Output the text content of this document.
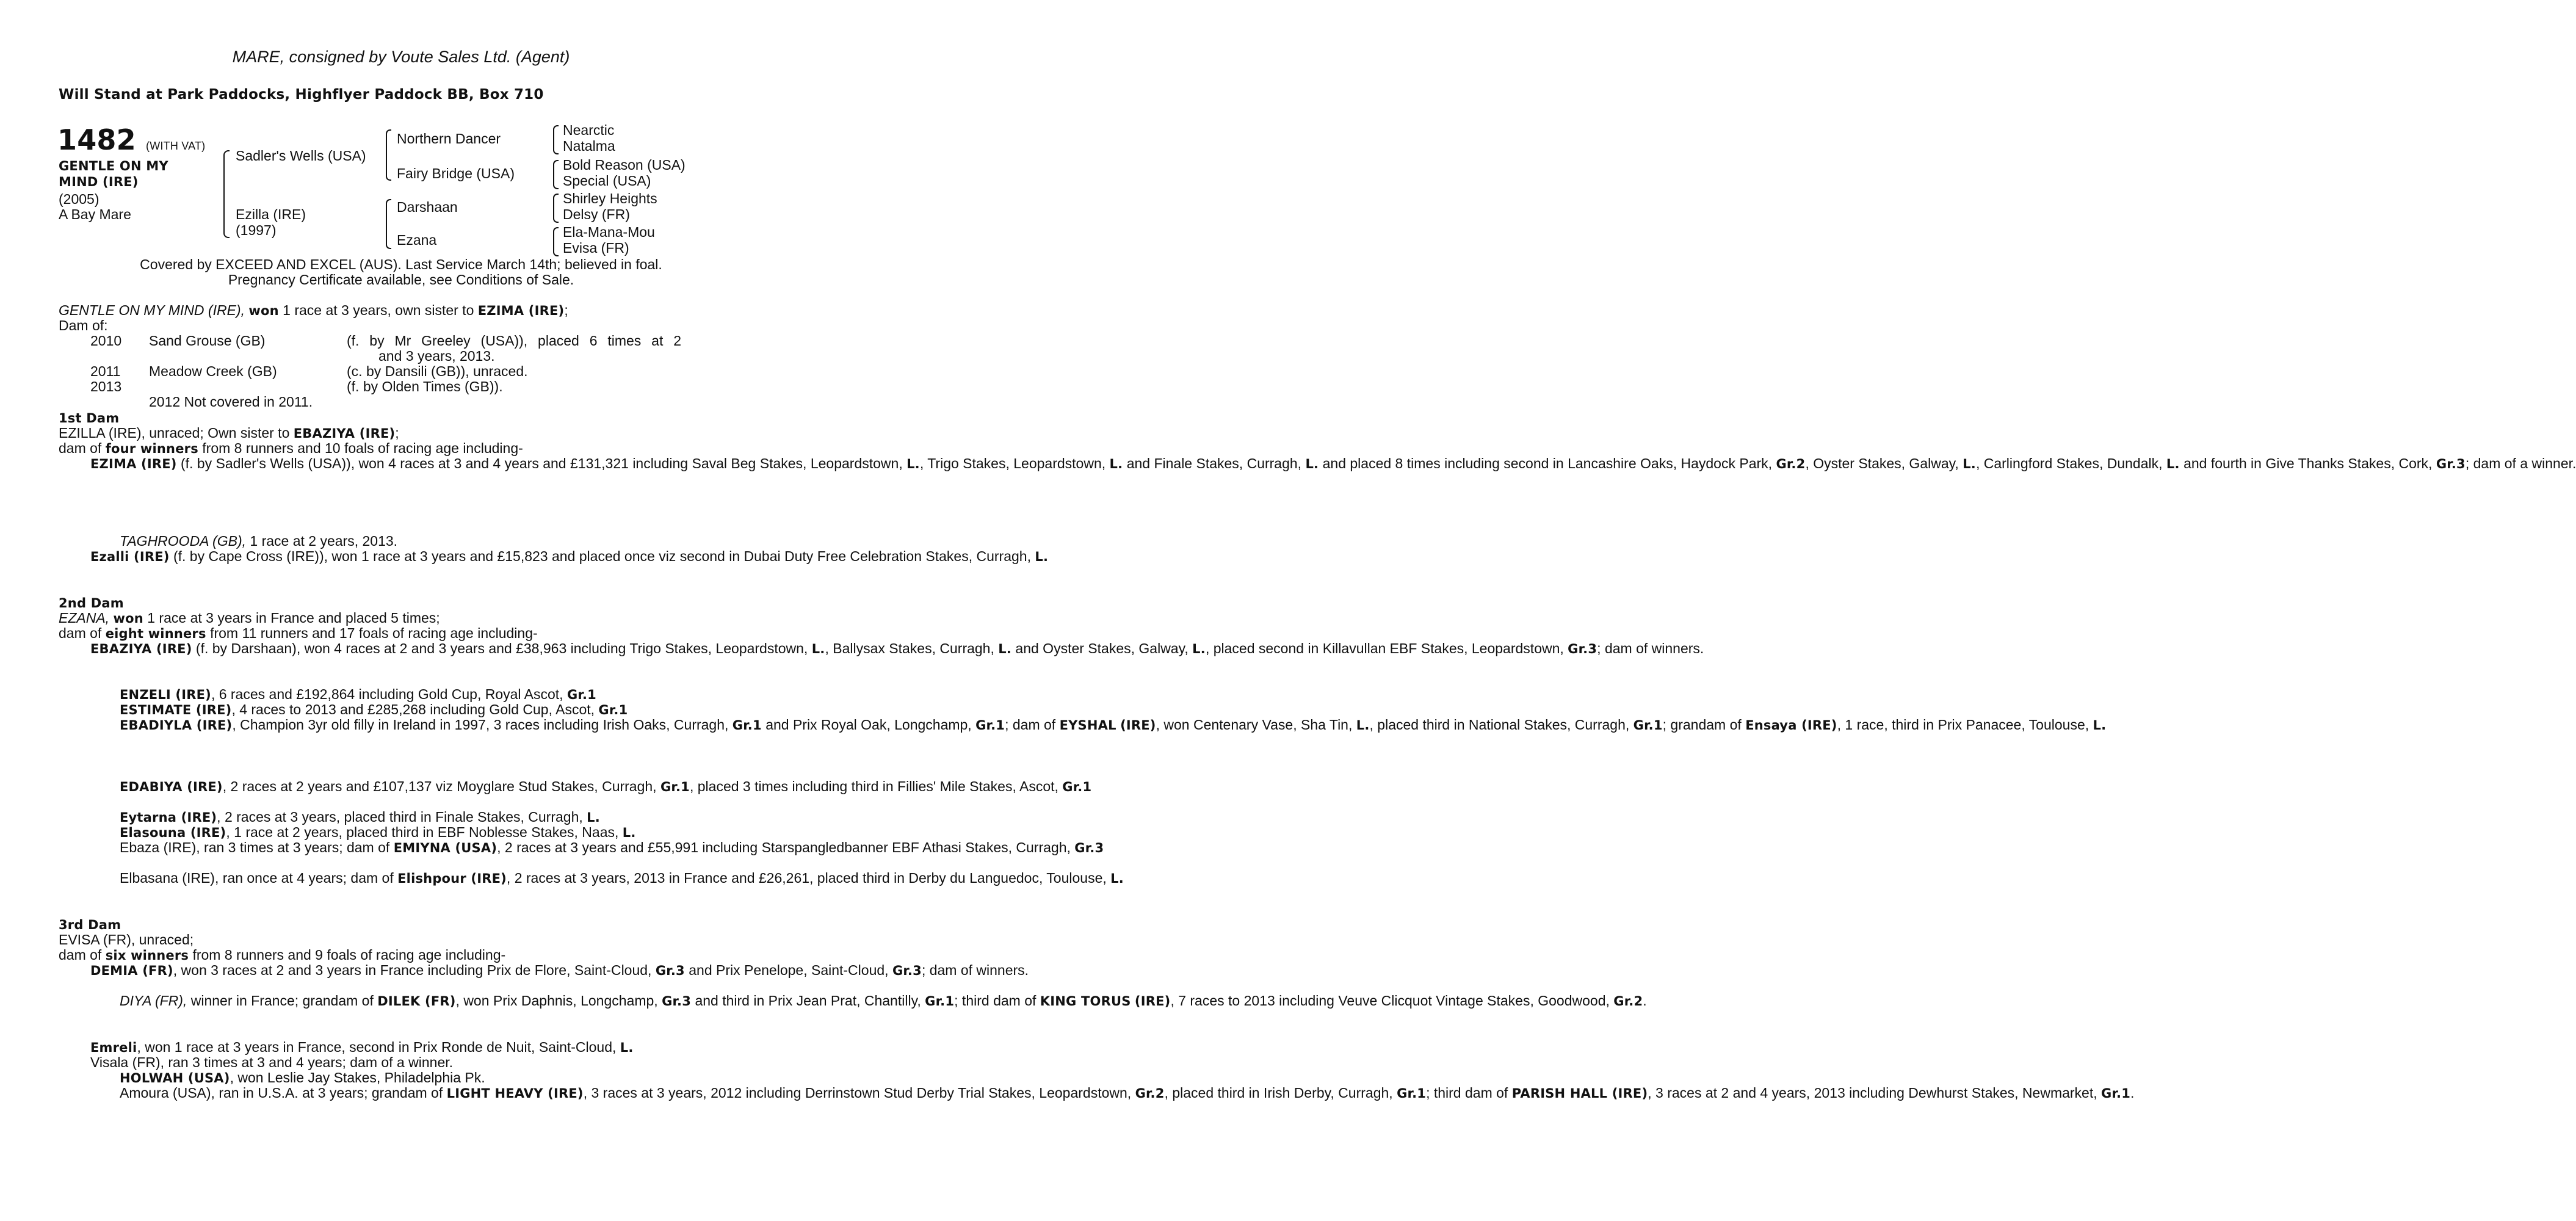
MARE, consigned by Voute Sales Ltd. (Agent)
Will Stand at Park Paddocks, Highflyer Paddock BB, Box 710
1482 (WITH VAT)
GENTLE ON MY
MIND (IRE)
(2005)
A Bay Mare
Sadler's Wells (USA)
Ezilla (IRE)
(1997)
Northern Dancer
Fairy Bridge (USA)
Darshaan
Ezana
Nearctic
Natalma
Bold Reason (USA)
Special (USA)
Shirley Heights
Delsy (FR)
Ela-Mana-Mou
Evisa (FR)
Covered by EXCEED AND EXCEL (AUS). Last Service March 14th; believed in foal.
Pregnancy Certificate available, see Conditions of Sale.
GENTLE ON MY MIND (IRE), won 1 race at 3 years, own sister to EZIMA (IRE);
Dam of:
2010 Sand Grouse (GB)	(f. by Mr Greeley (USA)), placed 6 times at 2
and 3 years, 2013.
2011 Meadow Creek (GB)	(c. by Dansili (GB)), unraced.
2013	(f. by Olden Times (GB)).
2012 Not covered in 2011.
1st Dam
EZILLA (IRE), unraced; Own sister to EBAZIYA (IRE);
dam of four winners from 8 runners and 10 foals of racing age including-

EZIMA (IRE) (f. by Sadler's Wells (USA)), won 4 races at 3 and 4 years and £131,321 including Saval Beg Stakes, Leopardstown, L., Trigo Stakes, Leopardstown, L. and Finale Stakes, Curragh, L. and placed 8 times including second in Lancashire Oaks, Haydock Park, Gr.2, Oyster Stakes, Galway, L., Carlingford Stakes, Dundalk, L. and fourth in Give Thanks Stakes, Cork, Gr.3; dam of a winner.

TAGHROODA (GB), 1 race at 2 years, 2013.

Ezalli (IRE) (f. by Cape Cross (IRE)), won 1 race at 3 years and £15,823 and placed once viz second in Dubai Duty Free Celebration Stakes, Curragh, L.

2nd Dam
EZANA, won 1 race at 3 years in France and placed 5 times;
dam of eight winners from 11 runners and 17 foals of racing age including-

EBAZIYA (IRE) (f. by Darshaan), won 4 races at 2 and 3 years and £38,963 including Trigo Stakes, Leopardstown, L., Ballysax Stakes, Curragh, L. and Oyster Stakes, Galway, L., placed second in Killavullan EBF Stakes, Leopardstown, Gr.3; dam of winners.

ENZELI (IRE), 6 races and £192,864 including Gold Cup, Royal Ascot, Gr.1
ESTIMATE (IRE), 4 races to 2013 and £285,268 including Gold Cup, Ascot, Gr.1

EBADIYLA (IRE), Champion 3yr old filly in Ireland in 1997, 3 races including Irish Oaks, Curragh, Gr.1 and Prix Royal Oak, Longchamp, Gr.1; dam of EYSHAL (IRE), won Centenary Vase, Sha Tin, L., placed third in National Stakes, Curragh, Gr.1; grandam of Ensaya (IRE), 1 race, third in Prix Panacee, Toulouse, L.

EDABIYA (IRE), 2 races at 2 years and £107,137 viz Moyglare Stud Stakes, Curragh, Gr.1, placed 3 times including third in Fillies' Mile Stakes, Ascot, Gr.1

Eytarna (IRE), 2 races at 3 years, placed third in Finale Stakes, Curragh, L.
Elasouna (IRE), 1 race at 2 years, placed third in EBF Noblesse Stakes, Naas, L.

Ebaza (IRE), ran 3 times at 3 years; dam of EMIYNA (USA), 2 races at 3 years and £55,991 including Starspangledbanner EBF Athasi Stakes, Curragh, Gr.3

Elbasana (IRE), ran once at 4 years; dam of Elishpour (IRE), 2 races at 3 years, 2013 in France and £26,261, placed third in Derby du Languedoc, Toulouse, L.

3rd Dam
EVISA (FR), unraced;
dam of six winners from 8 runners and 9 foals of racing age including-

DEMIA (FR), won 3 races at 2 and 3 years in France including Prix de Flore, Saint-Cloud, Gr.3 and Prix Penelope, Saint-Cloud, Gr.3; dam of winners.

DIYA (FR), winner in France; grandam of DILEK (FR), won Prix Daphnis, Longchamp, Gr.3 and third in Prix Jean Prat, Chantilly, Gr.1; third dam of KING TORUS (IRE), 7 races to 2013 including Veuve Clicquot Vintage Stakes, Goodwood, Gr.2.

Emreli, won 1 race at 3 years in France, second in Prix Ronde de Nuit, Saint-Cloud, L.
Visala (FR), ran 3 times at 3 and 4 years; dam of a winner.
HOLWAH (USA), won Leslie Jay Stakes, Philadelphia Pk.

Amoura (USA), ran in U.S.A. at 3 years; grandam of LIGHT HEAVY (IRE), 3 races at 3 years, 2012 including Derrinstown Stud Derby Trial Stakes, Leopardstown, Gr.2, placed third in Irish Derby, Curragh, Gr.1; third dam of PARISH HALL (IRE), 3 races at 2 and 4 years, 2013 including Dewhurst Stakes, Newmarket, Gr.1.
